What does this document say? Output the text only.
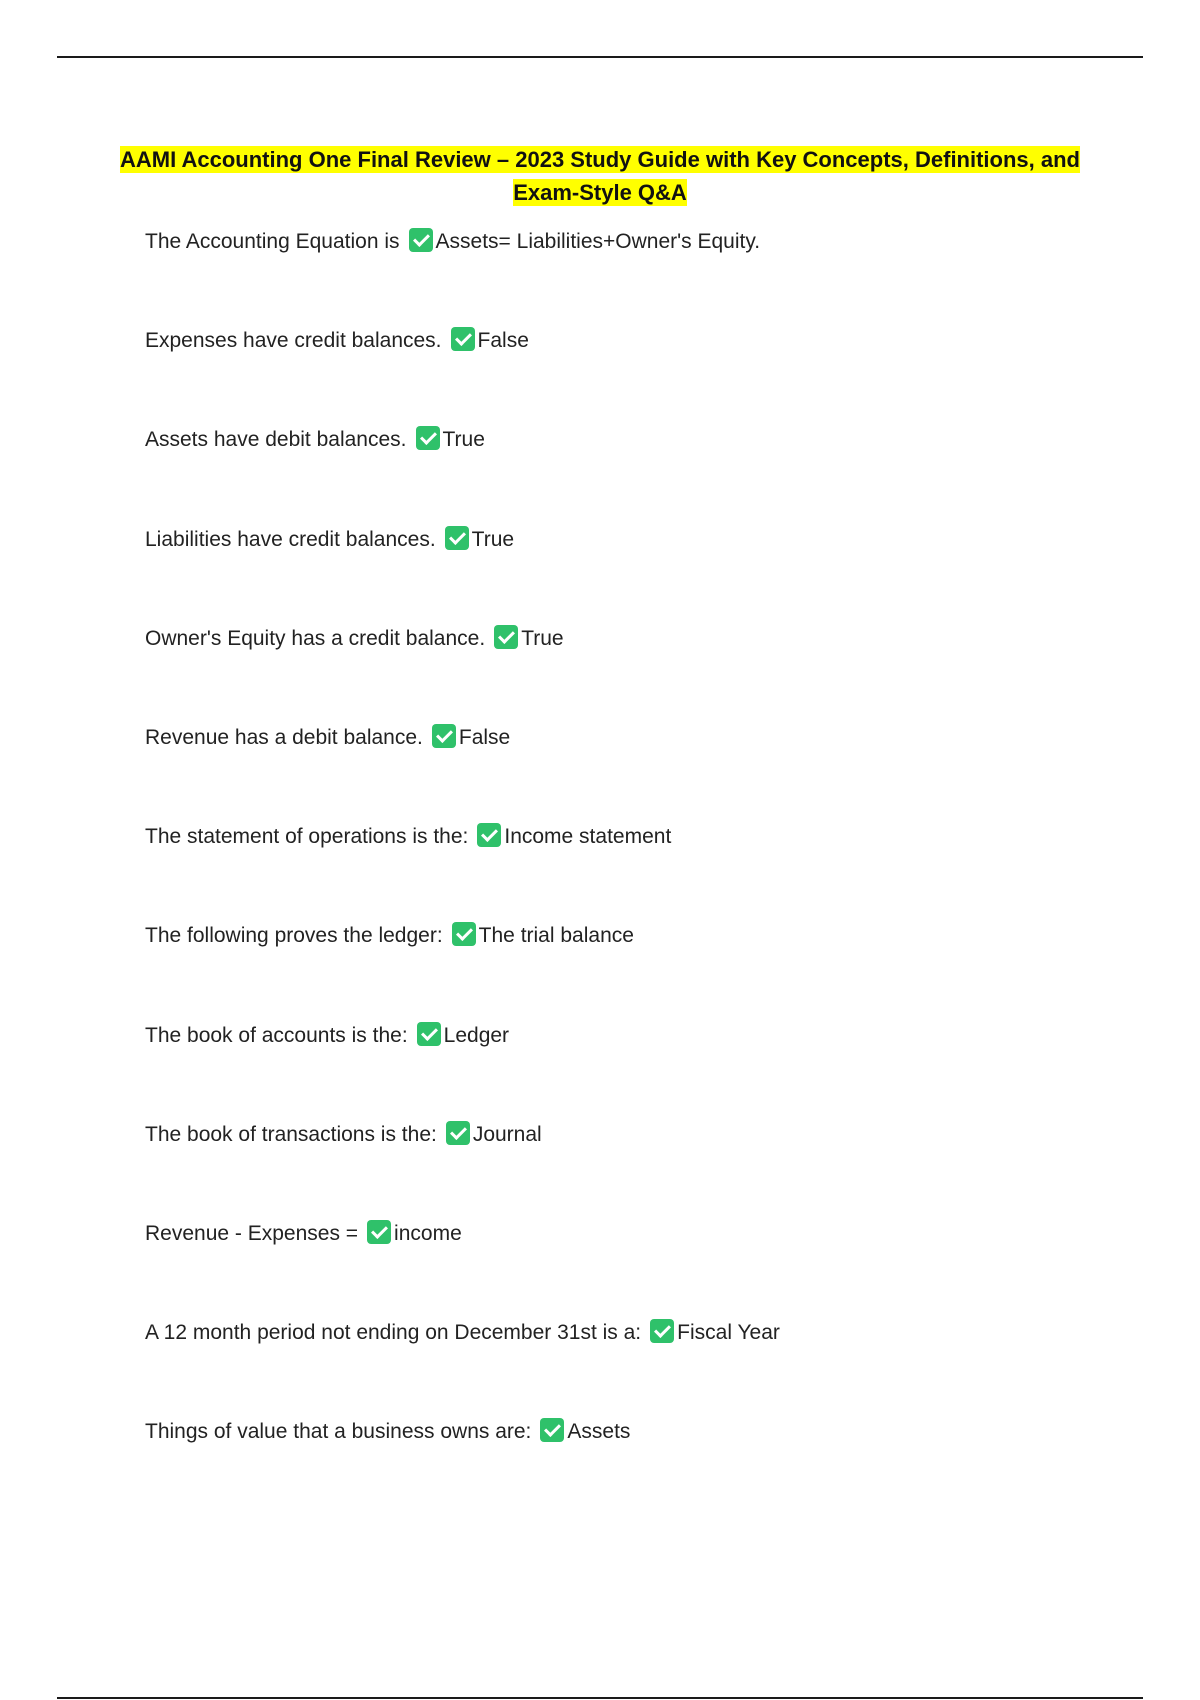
AAMI Accounting One Final Review – 2023 Study Guide with Key Concepts, Definitions, and
Exam-Style Q&A
The Accounting Equation is Assets= Liabilities+Owner's Equity.
Expenses have credit balances. False
Assets have debit balances. True
Liabilities have credit balances. True
Owner's Equity has a credit balance. True
Revenue has a debit balance. False
The statement of operations is the: Income statement
The following proves the ledger: The trial balance
The book of accounts is the: Ledger
The book of transactions is the: Journal
Revenue - Expenses = income
A 12 month period not ending on December 31st is a: Fiscal Year
Things of value that a business owns are: Assets
